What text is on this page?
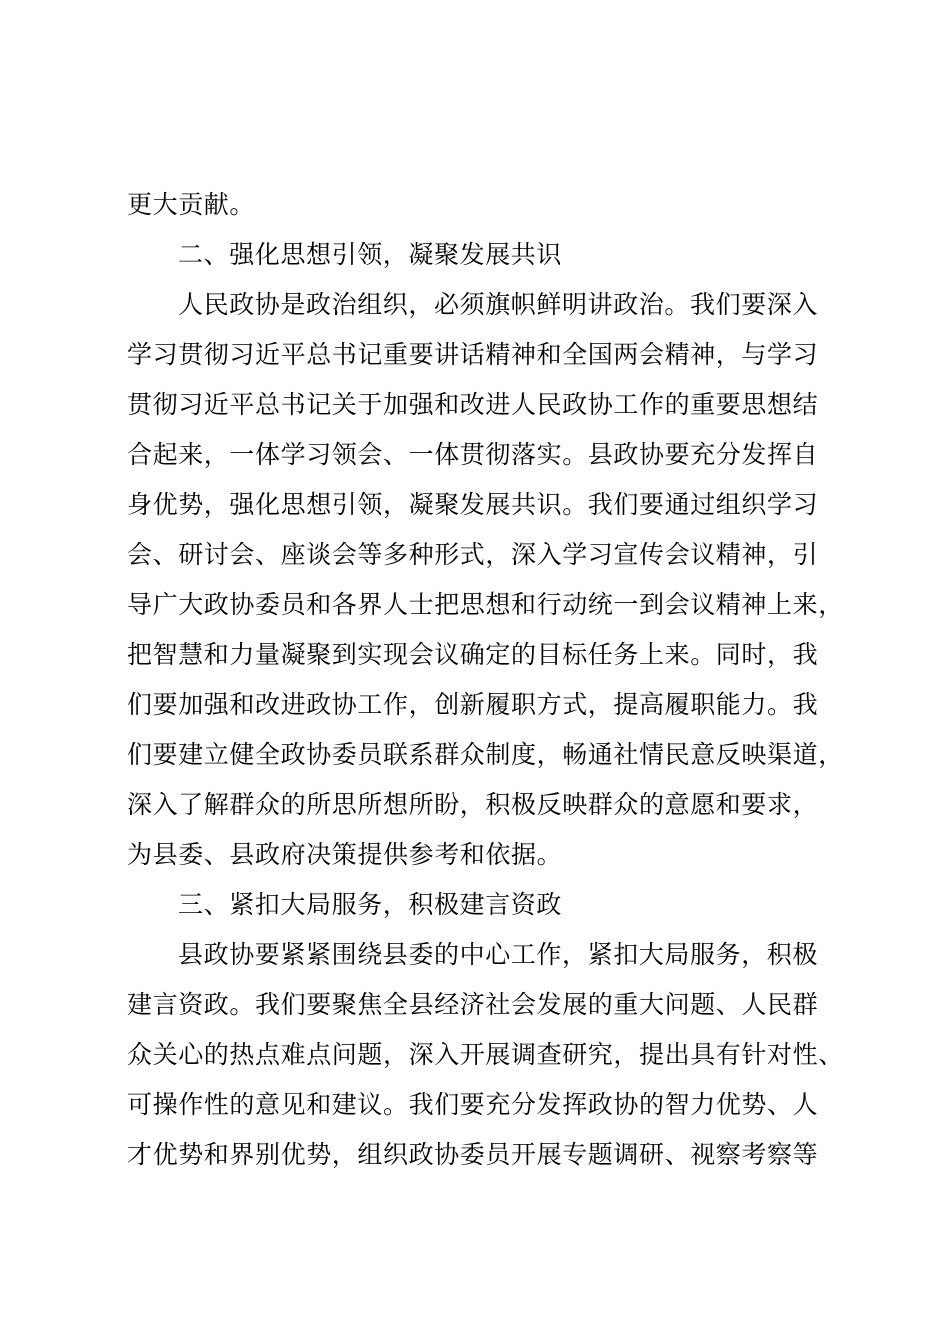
更大贡献。
二、强化思想引领，凝聚发展共识
人民政协是政治组织，必须旗帜鲜明讲政治。我们要深入
学习贯彻习近平总书记重要讲话精神和全国两会精神，与学习
贯彻习近平总书记关于加强和改进人民政协工作的重要思想结
合起来，一体学习领会、一体贯彻落实。县政协要充分发挥自
身优势，强化思想引领，凝聚发展共识。我们要通过组织学习
会、研讨会、座谈会等多种形式，深入学习宣传会议精神，引
导广大政协委员和各界人士把思想和行动统一到会议精神上来，
把智慧和力量凝聚到实现会议确定的目标任务上来。同时，我
们要加强和改进政协工作，创新履职方式，提高履职能力。我
们要建立健全政协委员联系群众制度，畅通社情民意反映渠道，
深入了解群众的所思所想所盼，积极反映群众的意愿和要求，
为县委、县政府决策提供参考和依据。
三、紧扣大局服务，积极建言资政
县政协要紧紧围绕县委的中心工作，紧扣大局服务，积极
建言资政。我们要聚焦全县经济社会发展的重大问题、人民群
众关心的热点难点问题，深入开展调查研究，提出具有针对性、
可操作性的意见和建议。我们要充分发挥政协的智力优势、人
才优势和界别优势，组织政协委员开展专题调研、视察考察等
